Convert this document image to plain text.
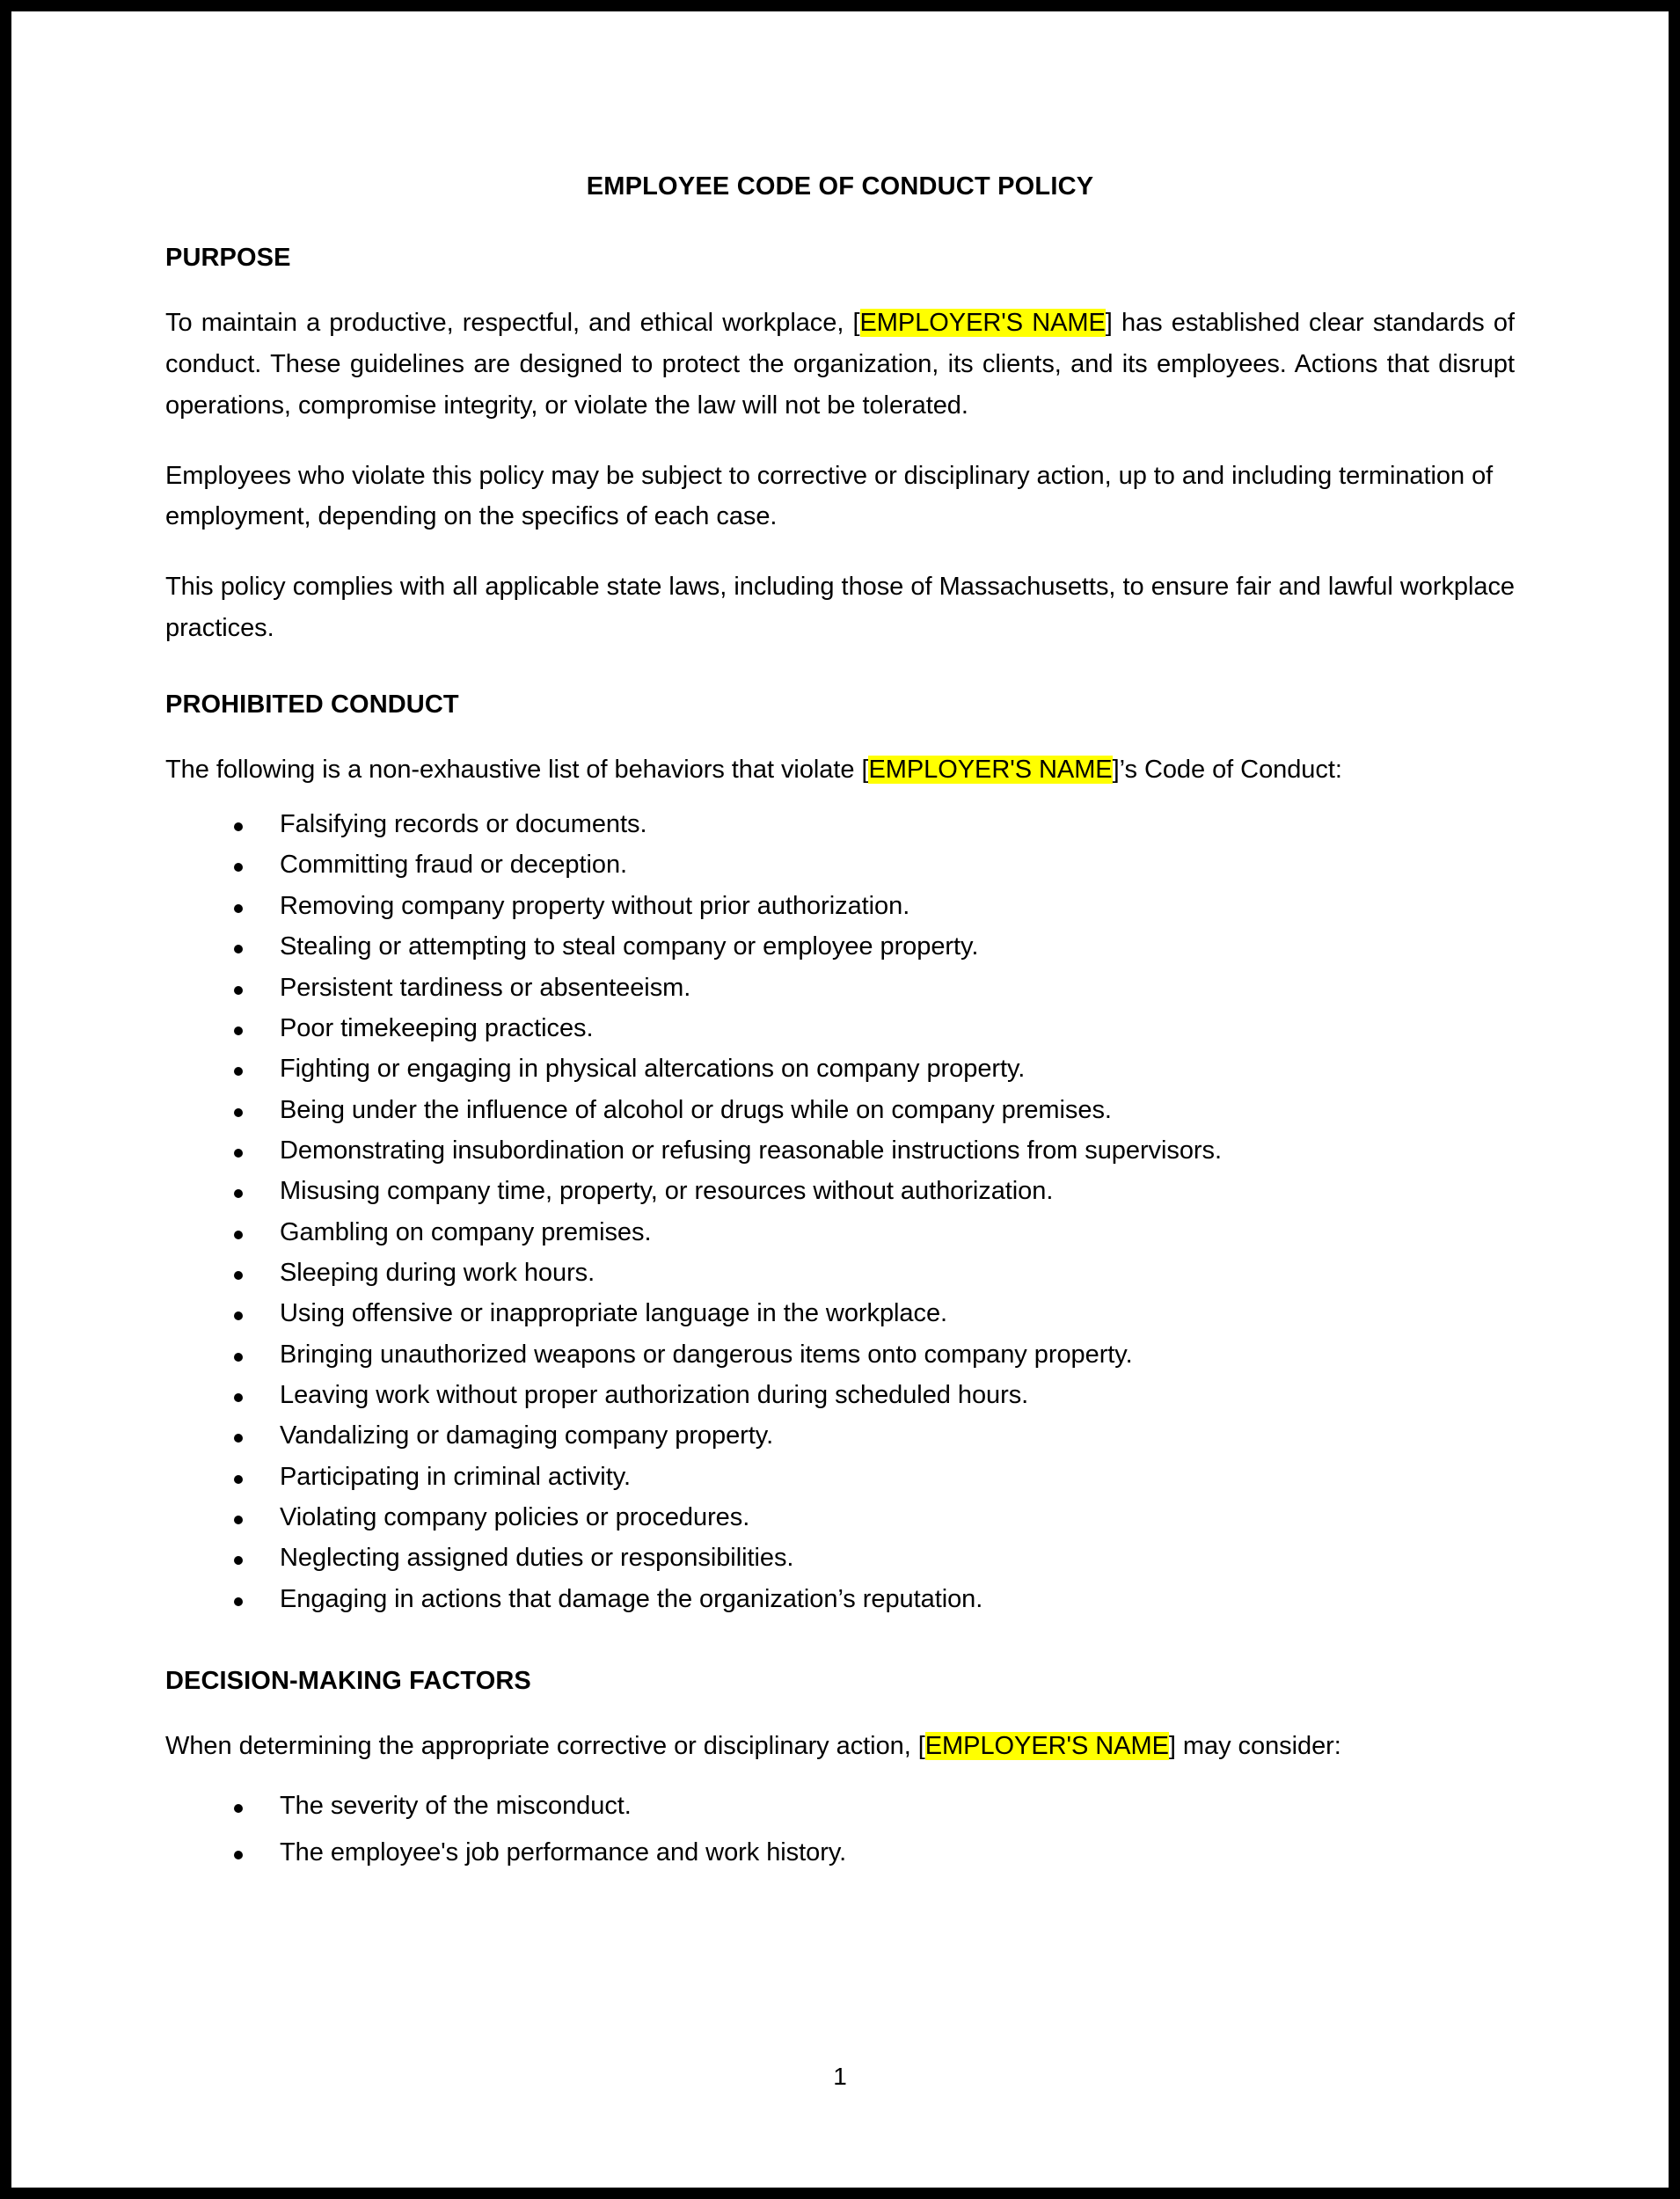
EMPLOYEE CODE OF CONDUCT POLICY
PURPOSE

To maintain a productive, respectful, and ethical workplace, [EMPLOYER'S NAME] has established clear standards of conduct. These guidelines are designed to protect the organization, its clients, and its employees. Actions that disrupt operations, compromise integrity, or violate the law will not be tolerated.

Employees who violate this policy may be subject to corrective or disciplinary action, up to and including termination of employment, depending on the specifics of each case.

This policy complies with all applicable state laws, including those of Massachusetts, to ensure fair and lawful workplace practices.

PROHIBITED CONDUCT

The following is a non-exhaustive list of behaviors that violate [EMPLOYER'S NAME]’s Code of Conduct:

Falsifying records or documents.
Committing fraud or deception.
Removing company property without prior authorization.
Stealing or attempting to steal company or employee property.
Persistent tardiness or absenteeism.
Poor timekeeping practices.
Fighting or engaging in physical altercations on company property.
Being under the influence of alcohol or drugs while on company premises.
Demonstrating insubordination or refusing reasonable instructions from supervisors.
Misusing company time, property, or resources without authorization.
Gambling on company premises.
Sleeping during work hours.
Using offensive or inappropriate language in the workplace.
Bringing unauthorized weapons or dangerous items onto company property.
Leaving work without proper authorization during scheduled hours.
Vandalizing or damaging company property.
Participating in criminal activity.
Violating company policies or procedures.
Neglecting assigned duties or responsibilities.
Engaging in actions that damage the organization’s reputation.
DECISION-MAKING FACTORS

When determining the appropriate corrective or disciplinary action, [EMPLOYER'S NAME] may consider:

The severity of the misconduct.
The employee's job performance and work history.
1
